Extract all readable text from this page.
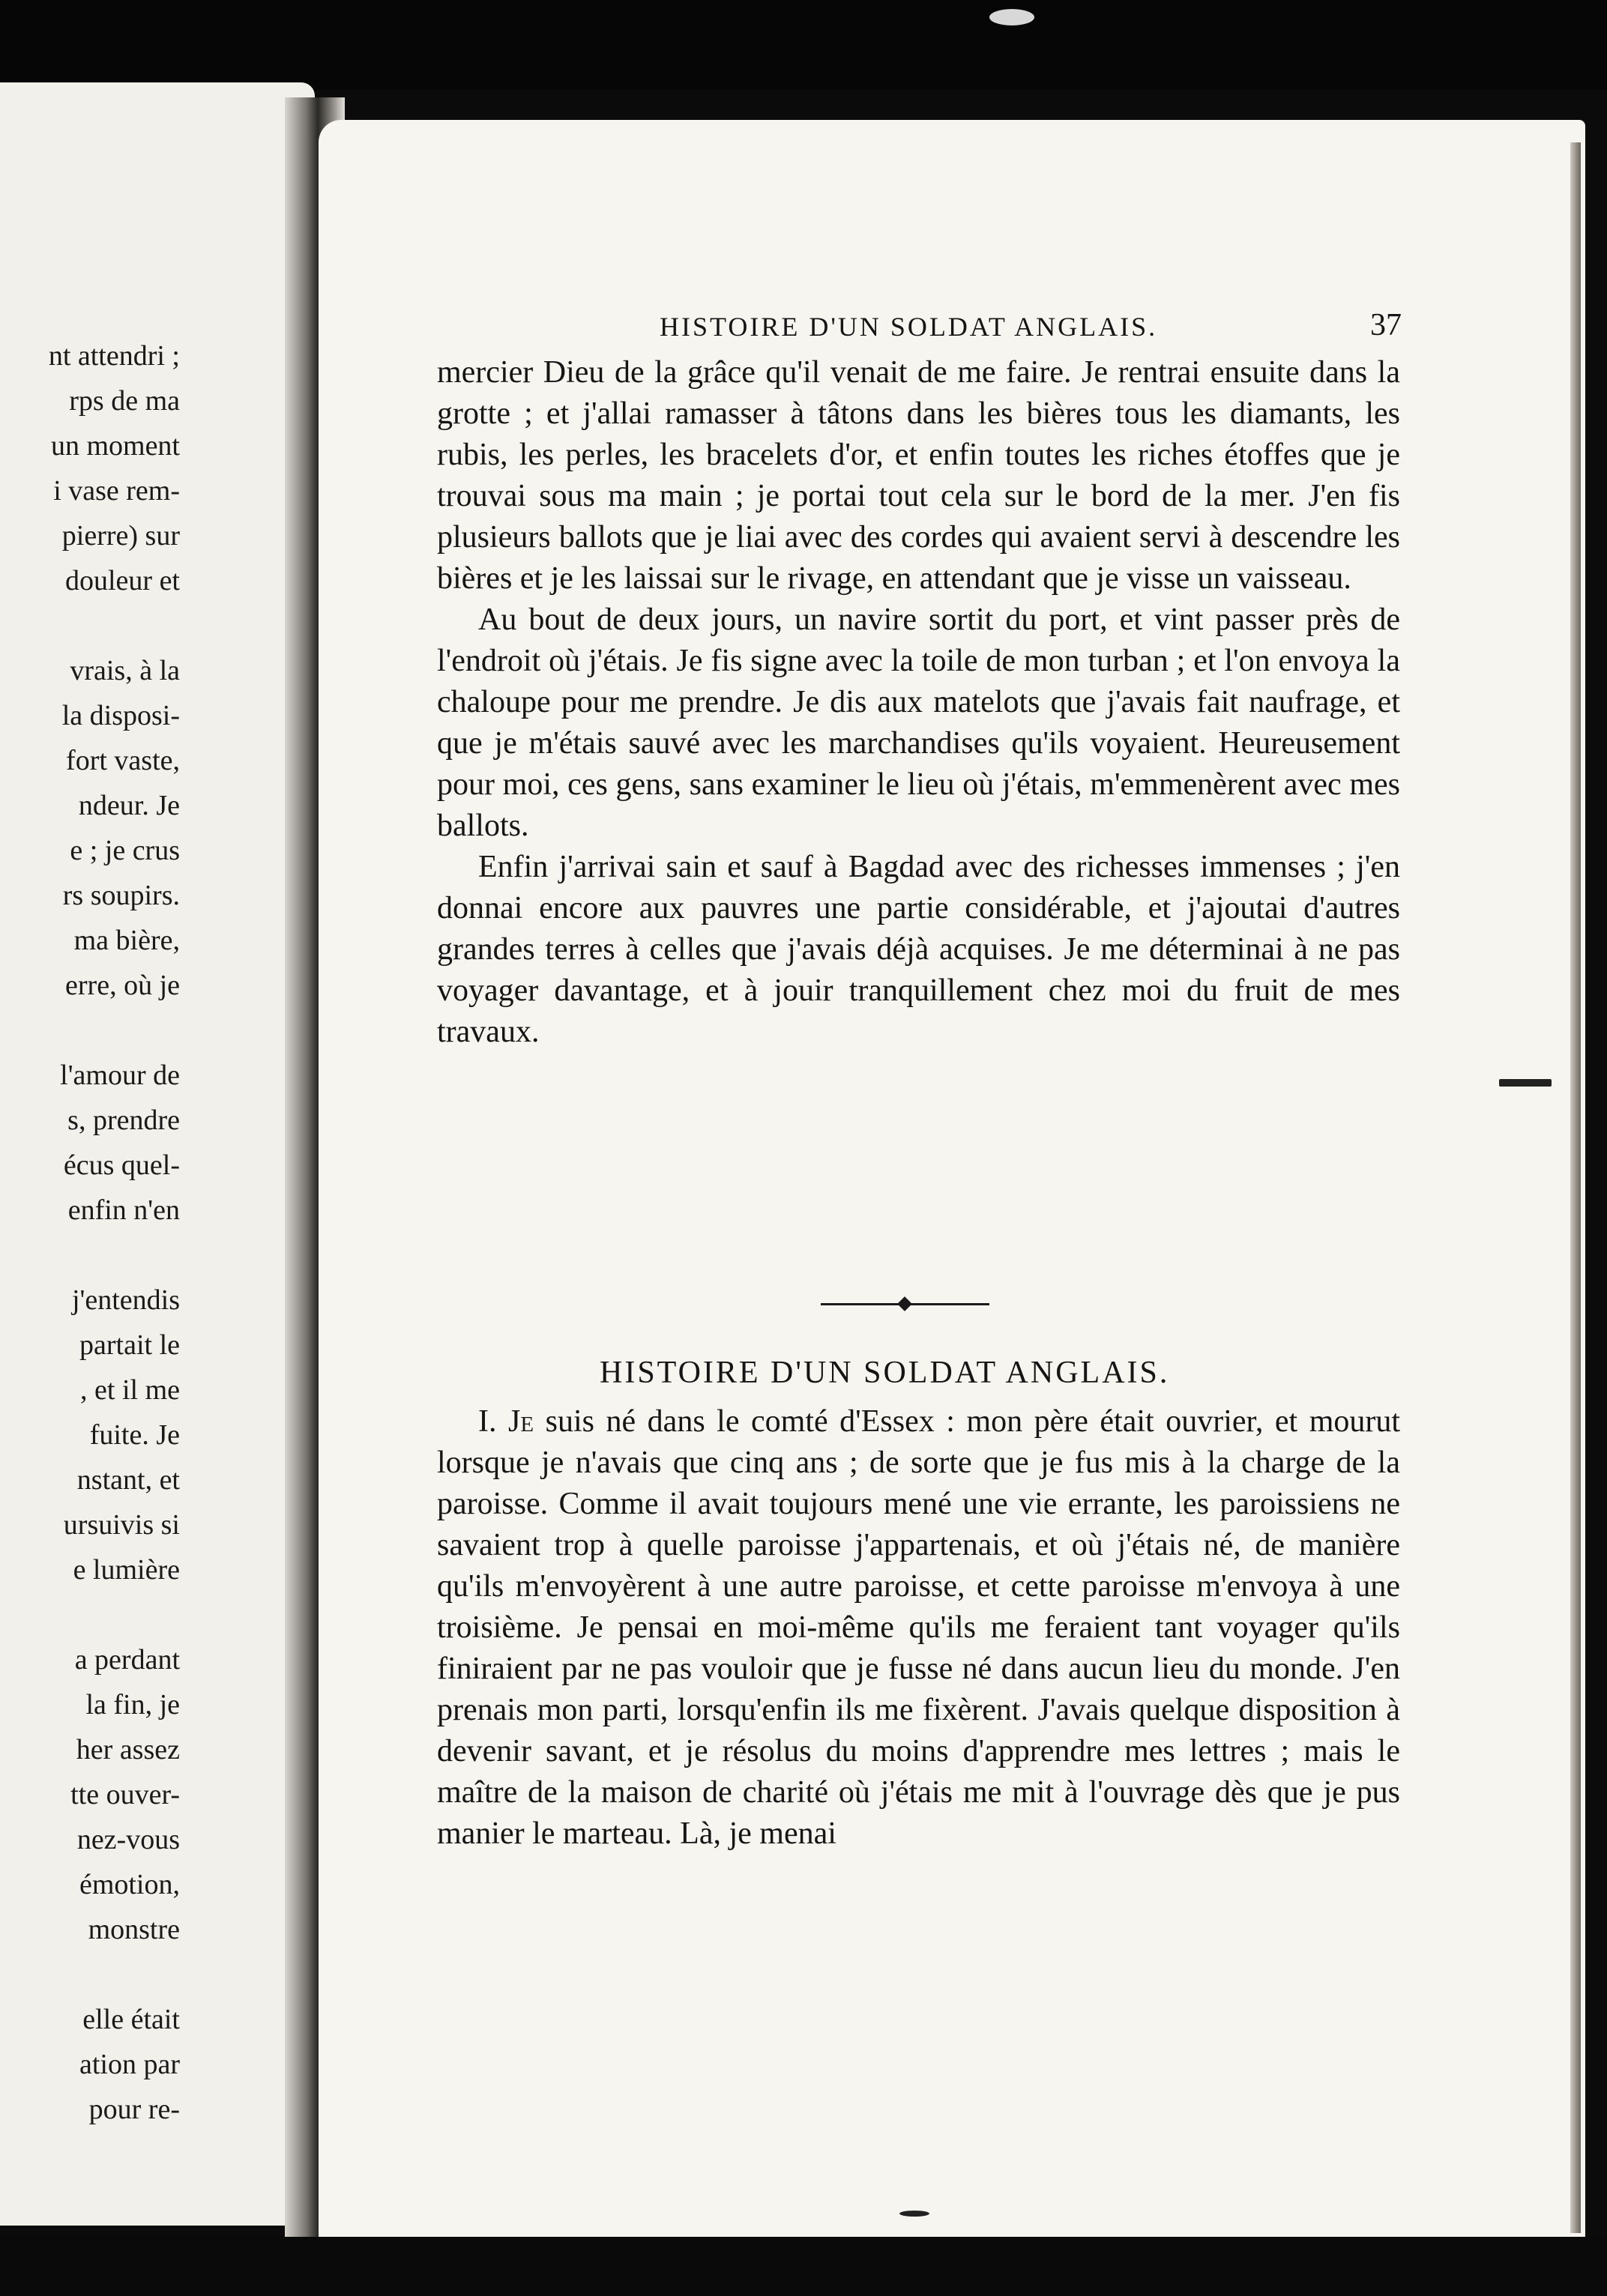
nt attendri ;
rps de ma
un moment
i vase rem-
pierre) sur
douleur et
vrais, à la
la disposi-
fort vaste,
ndeur. Je
e ; je crus
rs soupirs.
ma bière,
erre, où je
l'amour de
s, prendre
écus quel-
enfin n'en
j'entendis
partait le
, et il me
fuite. Je
nstant, et
ursuivis si
e lumière
a perdant
la fin, je
her assez
tte ouver-
nez-vous
émotion,
monstre
elle était
ation par
pour re-
HISTOIRE D'UN SOLDAT ANGLAIS.	37

mercier Dieu de la grâce qu'il venait de me faire. Je rentrai ensuite dans la grotte ; et j'allai ramasser à tâtons dans les bières tous les diamants, les rubis, les perles, les bracelets d'or, et enfin toutes les riches étoffes que je trouvai sous ma main ; je portai tout cela sur le bord de la mer. J'en fis plusieurs ballots que je liai avec des cordes qui avaient servi à descendre les bières et je les laissai sur le rivage, en attendant que je visse un vaisseau.

Au bout de deux jours, un navire sortit du port, et vint passer près de l'endroit où j'étais. Je fis signe avec la toile de mon turban ; et l'on envoya la chaloupe pour me prendre. Je dis aux matelots que j'avais fait naufrage, et que je m'étais sauvé avec les marchandises qu'ils voyaient. Heureusement pour moi, ces gens, sans examiner le lieu où j'étais, m'emmenèrent avec mes ballots.

Enfin j'arrivai sain et sauf à Bagdad avec des richesses immenses ; j'en donnai encore aux pauvres une partie considérable, et j'ajoutai d'autres grandes terres à celles que j'avais déjà acquises. Je me déterminai à ne pas voyager davantage, et à jouir tranquillement chez moi du fruit de mes travaux.

HISTOIRE D'UN SOLDAT ANGLAIS.

I. Je suis né dans le comté d'Essex : mon père était ouvrier, et mourut lorsque je n'avais que cinq ans ; de sorte que je fus mis à la charge de la paroisse. Comme il avait toujours mené une vie errante, les paroissiens ne savaient trop à quelle paroisse j'appartenais, et où j'étais né, de manière qu'ils m'envoyèrent à une autre paroisse, et cette paroisse m'envoya à une troisième. Je pensai en moi-même qu'ils me feraient tant voyager qu'ils finiraient par ne pas vouloir que je fusse né dans aucun lieu du monde. J'en prenais mon parti, lorsqu'enfin ils me fixèrent. J'avais quelque disposition à devenir savant, et je résolus du moins d'apprendre mes lettres ; mais le maître de la maison de charité où j'étais me mit à l'ouvrage dès que je pus manier le marteau. Là, je menai
